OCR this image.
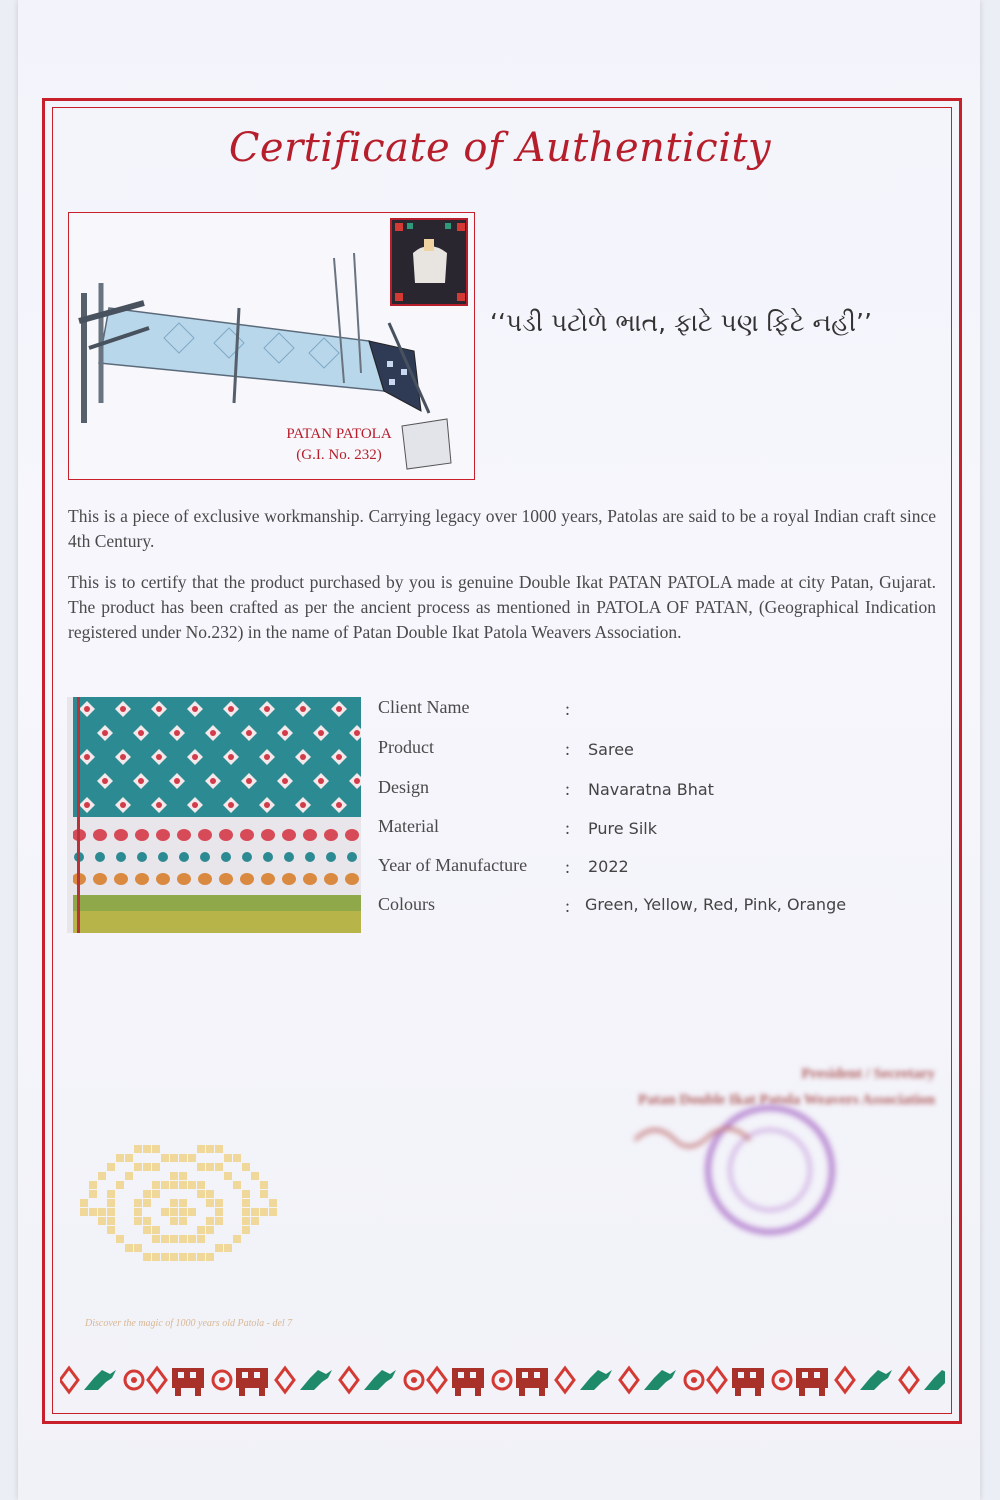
Certificate of Authenticity
PATAN PATOLA
(G.I. No. 232)
‘‘પડી પટોળે ભાત, ફાટે પણ ફિટે નહી’’
This is a piece of exclusive workmanship. Carrying legacy over 1000 years, Patolas are said to be a royal Indian craft since 4th Century.
This is to certify that the product purchased by you is genuine Double Ikat PATAN PATOLA made at city Patan, Gujarat. The product has been crafted as per the ancient process as mentioned in PATOLA OF PATAN, (Geographical Indication registered under No.232) in the name of Patan Double Ikat Patola Weavers Association.
Client Name	:
Product	: Saree
Design	: Navaratna Bhat
Material	: Pure Silk
Year of Manufacture : 2022
Colours	: Green, Yellow, Red, Pink, Orange
President / Secretary
Patan Double Ikat Patola Weavers Association
Discover the magic of 1000 years old Patola - del 7
